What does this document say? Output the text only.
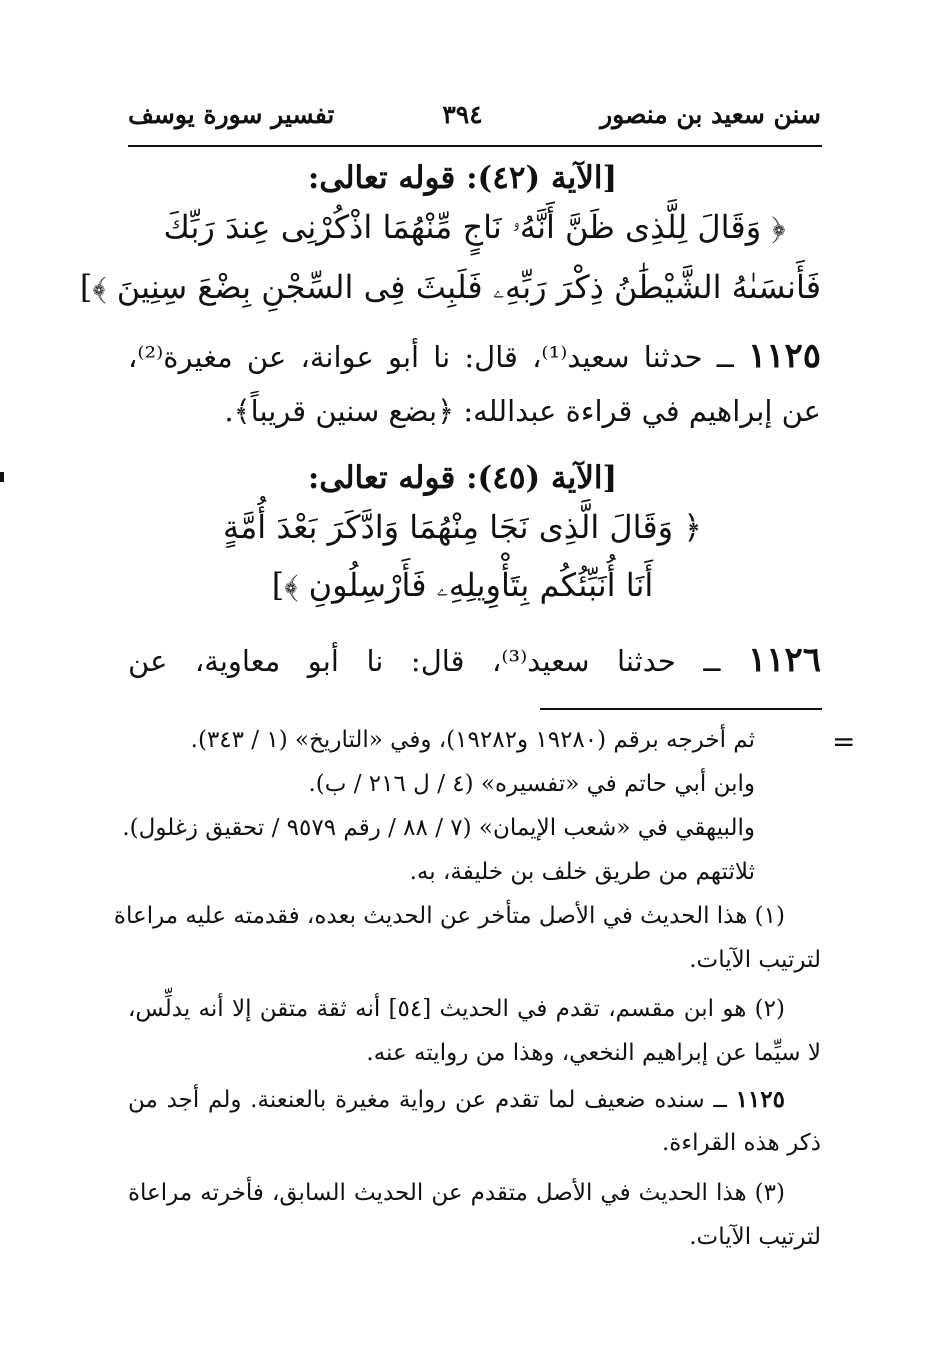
سنن سعيد بن منصور
٣٩٤
تفسير سورة يوسف
[الآية (٤٢): قوله تعالى:
﴿ وَقَالَ لِلَّذِى ظَنَّ أَنَّهُۥ نَاجٍ مِّنْهُمَا اذْكُرْنِى عِندَ رَبِّكَ
فَأَنسَىٰهُ الشَّيْطَٰنُ ذِكْرَ رَبِّهِۦ فَلَبِثَ فِى السِّجْنِ بِضْعَ سِنِينَ ﴾]
١١٢٥ ــ حدثنا سعيد⁽¹⁾، قال: نا أبو عوانة، عن مغيرة⁽²⁾،
عن إبراهيم في قراءة عبدالله: ﴿بضع سنين قريباً﴾.
[الآية (٤٥): قوله تعالى:
﴿ وَقَالَ الَّذِى نَجَا مِنْهُمَا وَادَّكَرَ بَعْدَ أُمَّةٍ
أَنَا أُنَبِّئُكُم بِتَأْوِيلِهِۦ فَأَرْسِلُونِ ﴾]
١١٢٦ ــ حدثنا سعيد⁽³⁾، قال: نا أبو معاوية، عن
=
ثم أخرجه برقم (١٩٢٨٠ و١٩٢٨٢)، وفي «التاريخ» (١ / ٣٤٣).
وابن أبي حاتم في «تفسيره» (٤ / ل ٢١٦ / ب).
والبيهقي في «شعب الإيمان» (٧ / ٨٨ / رقم ٩٥٧٩ / تحقيق زغلول).
ثلاثتهم من طريق خلف بن خليفة، به.
(١) هذا الحديث في الأصل متأخر عن الحديث بعده، فقدمته عليه مراعاة
لترتيب الآيات.
(٢) هو ابن مقسم، تقدم في الحديث [٥٤] أنه ثقة متقن إلا أنه يدلِّس،
لا سيِّما عن إبراهيم النخعي، وهذا من روايته عنه.
١١٢٥ ــ سنده ضعيف لما تقدم عن رواية مغيرة بالعنعنة. ولم أجد من
ذكر هذه القراءة.
(٣) هذا الحديث في الأصل متقدم عن الحديث السابق، فأخرته مراعاة
لترتيب الآيات.
